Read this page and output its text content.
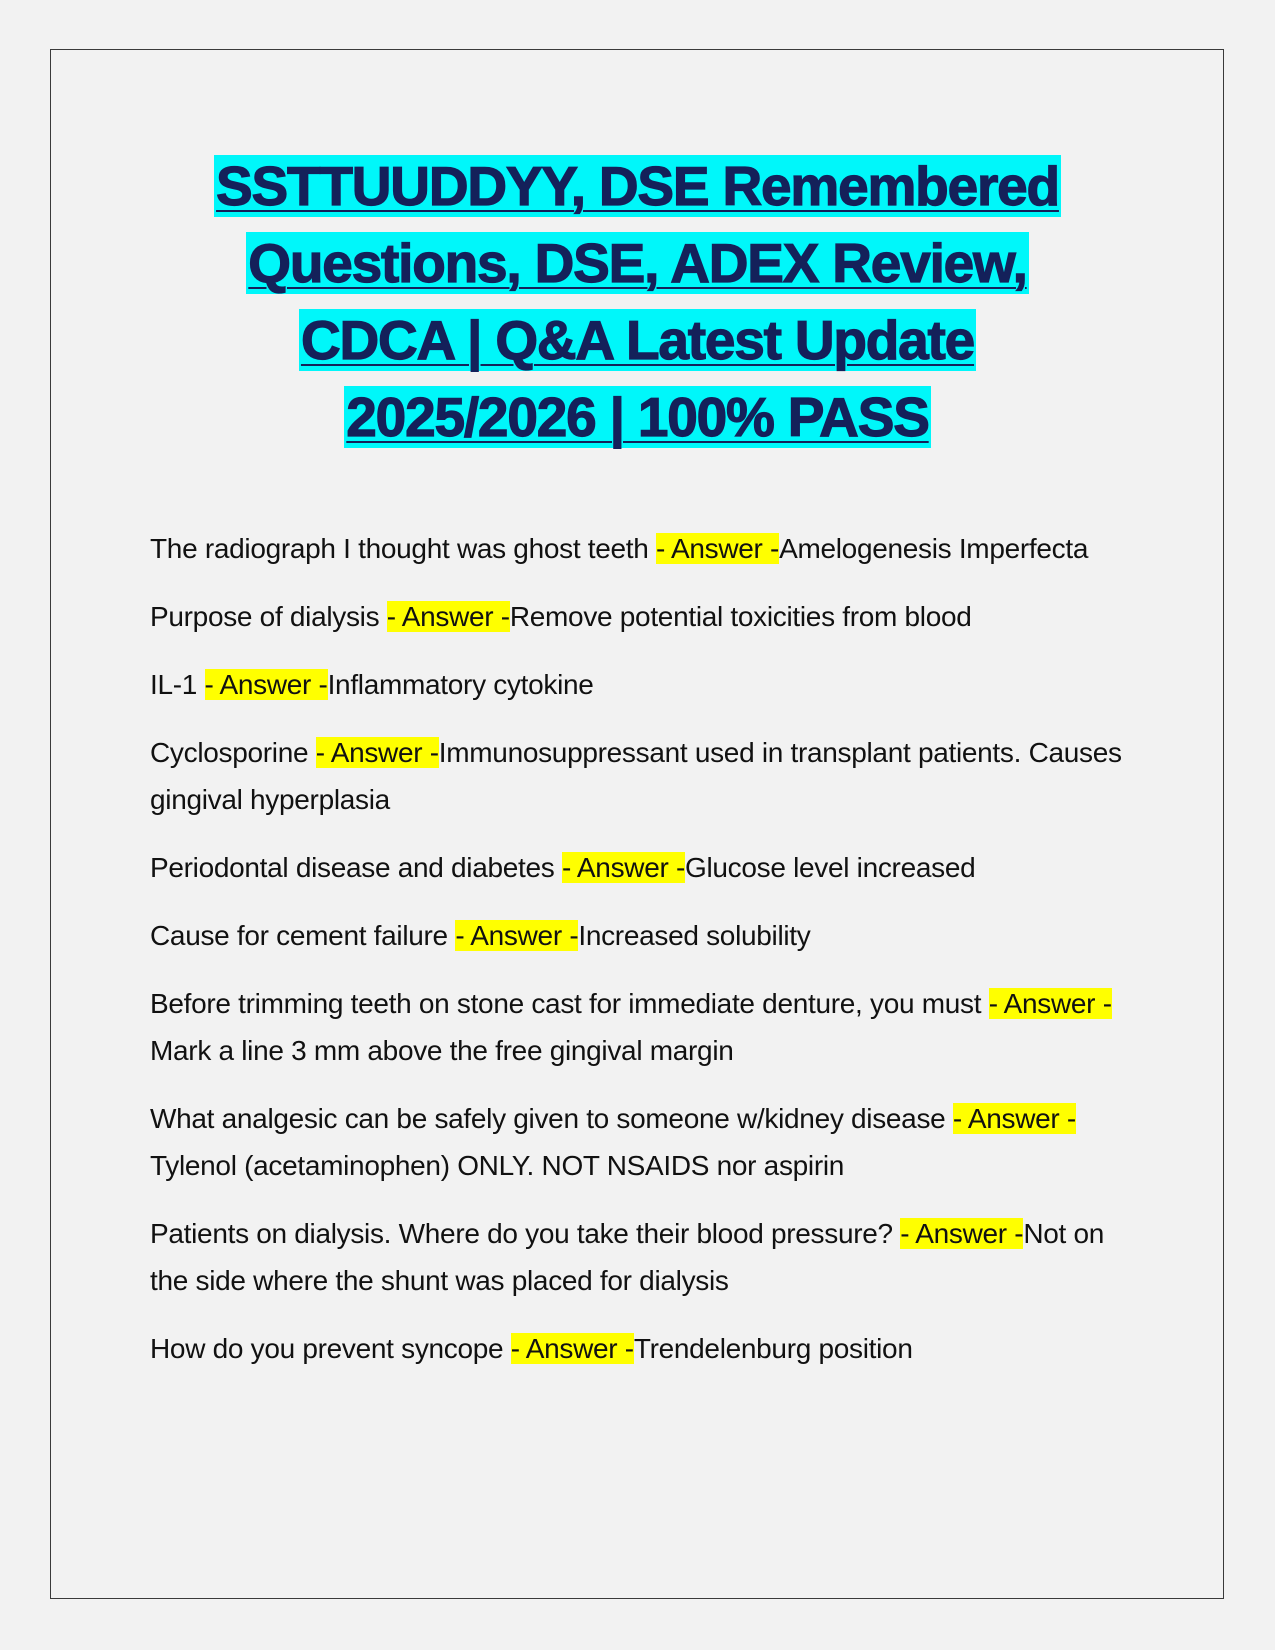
SSTTUUDDYY, DSE Remembered
Questions, DSE, ADEX Review,
CDCA | Q&A Latest Update
2025/2026 | 100% PASS
The radiograph I thought was ghost teeth - Answer -Amelogenesis Imperfecta
Purpose of dialysis - Answer -Remove potential toxicities from blood
IL-1 - Answer -Inflammatory cytokine
Cyclosporine - Answer -Immunosuppressant used in transplant patients. Causes gingival hyperplasia
Periodontal disease and diabetes - Answer -Glucose level increased
Cause for cement failure - Answer -Increased solubility
Before trimming teeth on stone cast for immediate denture, you must - Answer -Mark a line 3 mm above the free gingival margin
What analgesic can be safely given to someone w/kidney disease - Answer -Tylenol (acetaminophen) ONLY. NOT NSAIDS nor aspirin
Patients on dialysis. Where do you take their blood pressure? - Answer -Not on the side where the shunt was placed for dialysis
How do you prevent syncope - Answer -Trendelenburg position
